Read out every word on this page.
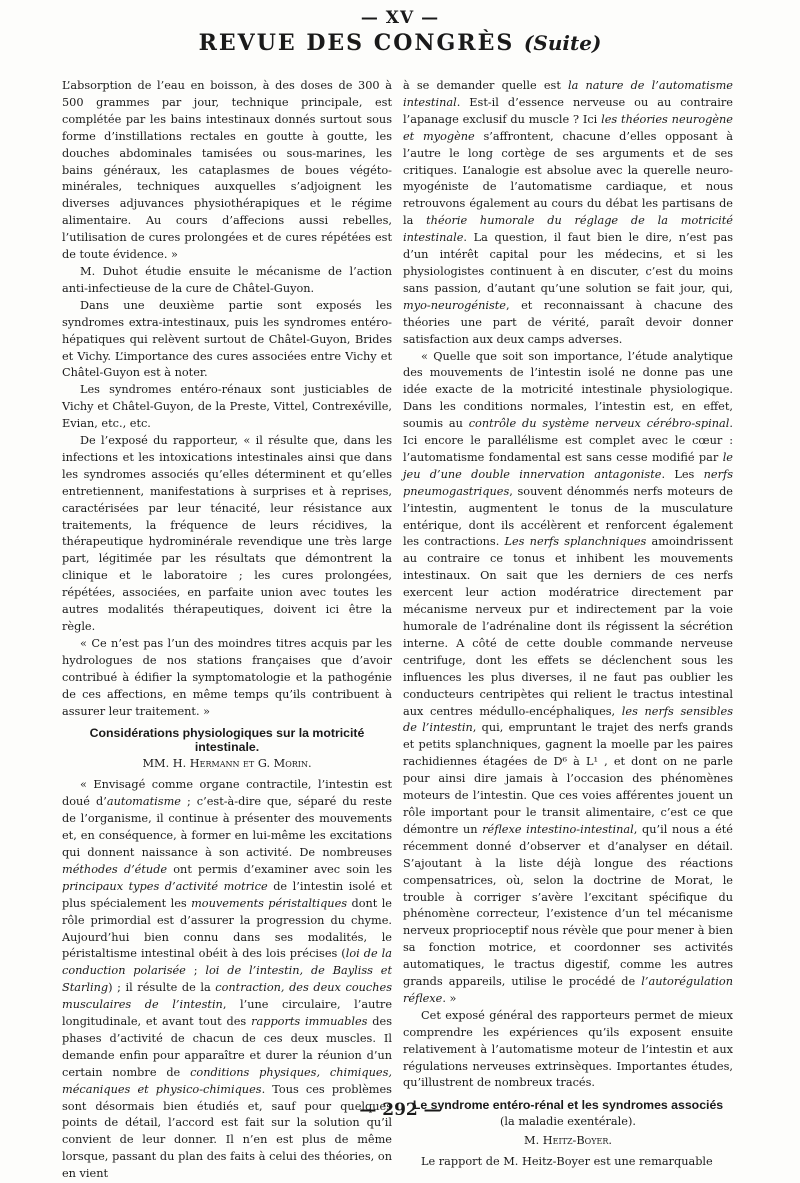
— XV —
REVUE DES CONGRÈS (Suite)

L’absorption de l’eau en boisson, à des doses de 300 à 500 grammes par jour, technique principale, est complétée par les bains intestinaux donnés surtout sous forme d’instillations rectales en goutte à goutte, les douches abdominales tamisées ou sous-marines, les bains généraux, les cataplasmes de boues végéto-minérales, techniques auxquelles s’adjoignent les diverses adjuvances physiothérapiques et le régime alimentaire. Au cours d’affecions aussi rebelles, l’utilisation de cures prolongées et de cures répétées est de toute évidence. »

M. Duhot étudie ensuite le mécanisme de l’action anti-infectieuse de la cure de Châtel-Guyon.

Dans une deuxième partie sont exposés les syndromes extra-intestinaux, puis les syndromes entéro-hépatiques qui relèvent surtout de Châtel-Guyon, Brides et Vichy. L’importance des cures associées entre Vichy et Châtel-Guyon est à noter.

Les syndromes entéro-rénaux sont justiciables de Vichy et Châtel-Guyon, de la Preste, Vittel, Contrexéville, Evian, etc., etc.

De l’exposé du rapporteur, « il résulte que, dans les infections et les intoxications intestinales ainsi que dans les syndromes associés qu’elles déterminent et qu’elles entretiennent, manifestations à surprises et à reprises, caractérisées par leur ténacité, leur résistance aux traitements, la fréquence de leurs récidives, la thérapeutique hydrominérale revendique une très large part, légitimée par les résultats que démontrent la clinique et le laboratoire ; les cures prolongées, répétées, associées, en parfaite union avec toutes les autres modalités thérapeutiques, doivent ici être la règle.

« Ce n’est pas l’un des moindres titres acquis par les hydrologues de nos stations françaises que d’avoir contribué à édifier la symptomatologie et la pathogénie de ces affections, en même temps qu’ils contribuent à assurer leur traitement. »

Considérations physiologiques sur la motricité intestinale.
MM. H. Hermann et G. Morin.

« Envisagé comme organe contractile, l’intestin est doué d’automatisme ; c’est-à-dire que, séparé du reste de l’organisme, il continue à présenter des mouvements et, en conséquence, à former en lui-même les excitations qui donnent naissance à son activité. De nombreuses méthodes d’étude ont permis d’examiner avec soin les principaux types d’activité motrice de l’intestin isolé et plus spécialement les mouvements péristaltiques dont le rôle primordial est d’assurer la progression du chyme. Aujourd’hui bien connu dans ses modalités, le péristaltisme intestinal obéit à des lois précises (loi de la conduction polarisée ; loi de l’intestin, de Bayliss et Starling) ; il résulte de la contraction, des deux couches musculaires de l’intestin, l’une circulaire, l’autre longitudinale, et avant tout des rapports immuables des phases d’activité de chacun de ces deux muscles. Il demande enfin pour apparaître et durer la réunion d’un certain nombre de conditions physiques, chimiques, mécaniques et physico-chimiques. Tous ces problèmes sont désormais bien étudiés et, sauf pour quelques points de détail, l’accord est fait sur la solution qu’il convient de leur donner. Il n’en est plus de même lorsque, passant du plan des faits à celui des théories, on en vient

à se demander quelle est la nature de l’automatisme intestinal. Est-il d’essence nerveuse ou au contraire l’apanage exclusif du muscle ? Ici les théories neurogène et myogène s’affrontent, chacune d’elles opposant à l’autre le long cortège de ses arguments et de ses critiques. L’analogie est absolue avec la querelle neuro-myogéniste de l’automatisme cardiaque, et nous retrouvons également au cours du débat les partisans de la théorie humorale du réglage de la motricité intestinale. La question, il faut bien le dire, n’est pas d’un intérêt capital pour les médecins, et si les physiologistes continuent à en discuter, c’est du moins sans passion, d’autant qu’une solution se fait jour, qui, myo-neurogéniste, et reconnaissant à chacune des théories une part de vérité, paraît devoir donner satisfaction aux deux camps adverses.

« Quelle que soit son importance, l’étude analytique des mouvements de l’intestin isolé ne donne pas une idée exacte de la motricité intestinale physiologique. Dans les conditions normales, l’intestin est, en effet, soumis au contrôle du système nerveux cérébro-spinal. Ici encore le parallélisme est complet avec le cœur : l’automatisme fondamental est sans cesse modifié par le jeu d’une double innervation antagoniste. Les nerfs pneumogastriques, souvent dénommés nerfs moteurs de l’intestin, augmentent le tonus de la musculature entérique, dont ils accélèrent et renforcent également les contractions. Les nerfs splanchniques amoindrissent au contraire ce tonus et inhibent les mouvements intestinaux. On sait que les derniers de ces nerfs exercent leur action modératrice directement par mécanisme nerveux pur et indirectement par la voie humorale de l’adrénaline dont ils régissent la sécrétion interne. A côté de cette double commande nerveuse centrifuge, dont les effets se déclenchent sous les influences les plus diverses, il ne faut pas oublier les conducteurs centripètes qui relient le tractus intestinal aux centres médullo-encéphaliques, les nerfs sensibles de l’intestin, qui, empruntant le trajet des nerfs grands et petits splanchniques, gagnent la moelle par les paires rachidiennes étagées de D⁶ à L¹ , et dont on ne parle pour ainsi dire jamais à l’occasion des phénomènes moteurs de l’intestin. Que ces voies afférentes jouent un rôle important pour le transit alimentaire, c’est ce que démontre un réflexe intestino-intestinal, qu’il nous a été récemment donné d’observer et d’analyser en détail. S’ajoutant à la liste déjà longue des réactions compensatrices, où, selon la doctrine de Morat, le trouble à corriger s’avère l’excitant spécifique du phénomène correcteur, l’existence d’un tel mécanisme nerveux proprioceptif nous révèle que pour mener à bien sa fonction motrice, et coordonner ses activités automatiques, le tractus digestif, comme les autres grands appareils, utilise le procédé de l’autorégulation réflexe. »

Cet exposé général des rapporteurs permet de mieux comprendre les expériences qu’ils exposent ensuite relativement à l’automatisme moteur de l’intestin et aux régulations nerveuses extrinsèques. Importantes études, qu’illustrent de nombreux tracés.

Le syndrome entéro-rénal et les syndromes associés
(la maladie exentérale).
M. Heitz-Boyer.

Le rapport de M. Heitz-Boyer est une remarquable

— 292 —
